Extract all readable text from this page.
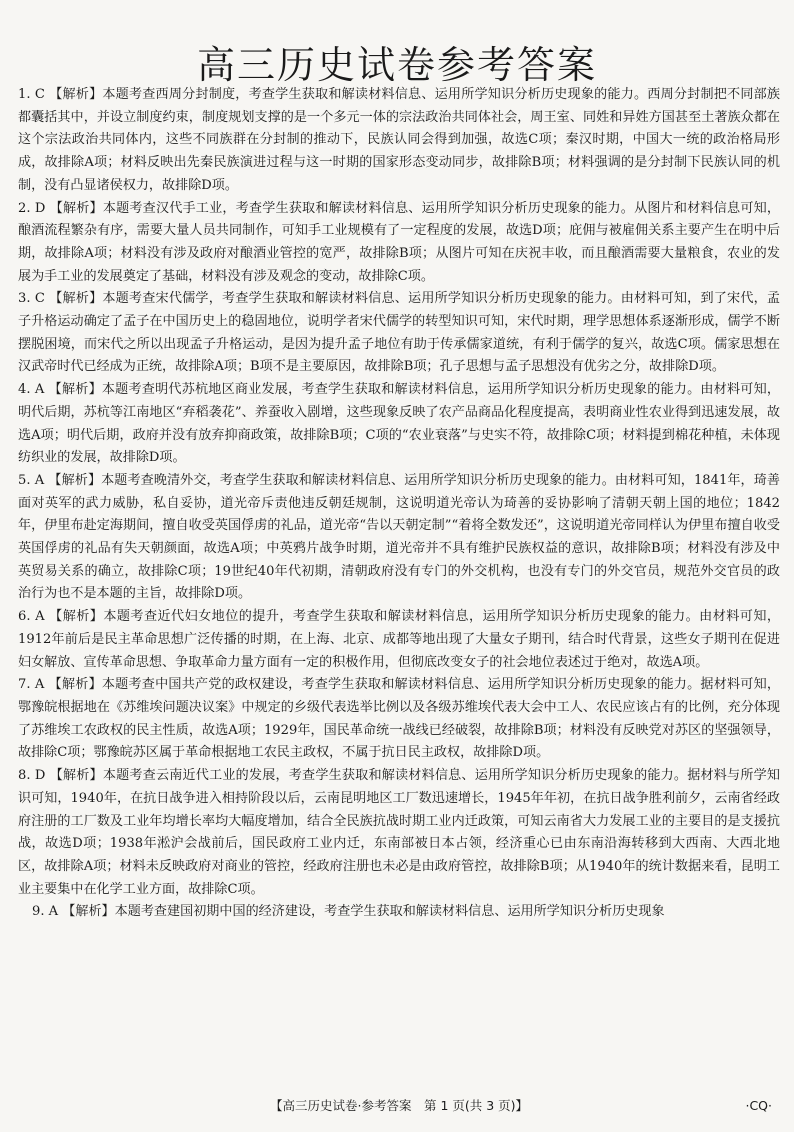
高三历史试卷参考答案

1. C 【解析】本题考查西周分封制度，考查学生获取和解读材料信息、运用所学知识分析历史现象的能力。西周分封制把不同部族都囊括其中，并设立制度约束，制度规划支撑的是一个多元一体的宗法政治共同体社会，周王室、同姓和异姓方国甚至土著族众都在这个宗法政治共同体内，这些不同族群在分封制的推动下，民族认同会得到加强，故选C项；秦汉时期，中国大一统的政治格局形成，故排除A项；材料反映出先秦民族演进过程与这一时期的国家形态变动同步，故排除B项；材料强调的是分封制下民族认同的机制，没有凸显诸侯权力，故排除D项。

2. D 【解析】本题考查汉代手工业，考查学生获取和解读材料信息、运用所学知识分析历史现象的能力。从图片和材料信息可知，酿酒流程繁杂有序，需要大量人员共同制作，可知手工业规模有了一定程度的发展，故选D项；庇佣与被雇佣关系主要产生在明中后期，故排除A项；材料没有涉及政府对酿酒业管控的宽严，故排除B项；从图片可知在庆祝丰收，而且酿酒需要大量粮食，农业的发展为手工业的发展奠定了基础，材料没有涉及观念的变动，故排除C项。

3. C 【解析】本题考查宋代儒学，考查学生获取和解读材料信息、运用所学知识分析历史现象的能力。由材料可知，到了宋代，孟子升格运动确定了孟子在中国历史上的稳固地位，说明学者宋代儒学的转型知识可知，宋代时期，理学思想体系逐渐形成，儒学不断摆脱困境，而宋代之所以出现孟子升格运动，是因为提升孟子地位有助于传承儒家道统，有利于儒学的复兴，故选C项。儒家思想在汉武帝时代已经成为正统，故排除A项；B项不是主要原因，故排除B项；孔子思想与孟子思想没有优劣之分，故排除D项。

4. A 【解析】本题考查明代苏杭地区商业发展，考查学生获取和解读材料信息，运用所学知识分析历史现象的能力。由材料可知，明代后期，苏杭等江南地区“弃稻袭花”、养蚕收入剧增，这些现象反映了农产品商品化程度提高，表明商业性农业得到迅速发展，故选A项；明代后期，政府并没有放弃抑商政策，故排除B项；C项的“农业衰落”与史实不符，故排除C项；材料提到棉花种植，未体现纺织业的发展，故排除D项。

5. A 【解析】本题考查晚清外交，考查学生获取和解读材料信息、运用所学知识分析历史现象的能力。由材料可知，1841年，琦善面对英军的武力威胁，私自妥协，道光帝斥责他违反朝廷规制，这说明道光帝认为琦善的妥协影响了清朝天朝上国的地位；1842年，伊里布赴定海期间，擅自收受英国俘虏的礼品，道光帝“告以天朝定制”“着将全数发还”，这说明道光帝同样认为伊里布擅自收受英国俘虏的礼品有失天朝颜面，故选A项；中英鸦片战争时期，道光帝并不具有维护民族权益的意识，故排除B项；材料没有涉及中英贸易关系的确立，故排除C项；19世纪40年代初期，清朝政府没有专门的外交机构，也没有专门的外交官员，规范外交官员的政治行为也不是本题的主旨，故排除D项。

6. A 【解析】本题考查近代妇女地位的提升，考查学生获取和解读材料信息，运用所学知识分析历史现象的能力。由材料可知，1912年前后是民主革命思想广泛传播的时期，在上海、北京、成都等地出现了大量女子期刊，结合时代背景，这些女子期刊在促进妇女解放、宣传革命思想、争取革命力量方面有一定的积极作用，但彻底改变女子的社会地位表述过于绝对，故选A项。

7. A 【解析】本题考查中国共产党的政权建设，考查学生获取和解读材料信息、运用所学知识分析历史现象的能力。据材料可知，鄂豫皖根据地在《苏维埃问题决议案》中规定的乡级代表选举比例以及各级苏维埃代表大会中工人、农民应该占有的比例，充分体现了苏维埃工农政权的民主性质，故选A项；1929年，国民革命统一战线已经破裂，故排除B项；材料没有反映党对苏区的坚强领导，故排除C项；鄂豫皖苏区属于革命根据地工农民主政权，不属于抗日民主政权，故排除D项。

8. D 【解析】本题考查云南近代工业的发展，考查学生获取和解读材料信息、运用所学知识分析历史现象的能力。据材料与所学知识可知，1940年，在抗日战争进入相持阶段以后，云南昆明地区工厂数迅速增长，1945年年初，在抗日战争胜利前夕，云南省经政府注册的工厂数及工业年均增长率均大幅度增加，结合全民族抗战时期工业内迁政策，可知云南省大力发展工业的主要目的是支援抗战，故选D项；1938年淞沪会战前后，国民政府工业内迁，东南部被日本占领，经济重心已由东南沿海转移到大西南、大西北地区，故排除A项；材料未反映政府对商业的管控，经政府注册也未必是由政府管控，故排除B项；从1940年的统计数据来看，昆明工业主要集中在化学工业方面，故排除C项。

9. A 【解析】本题考查建国初期中国的经济建设，考查学生获取和解读材料信息、运用所学知识分析历史现象

【高三历史试卷·参考答案　第 1 页(共 3 页)】	·CQ·
